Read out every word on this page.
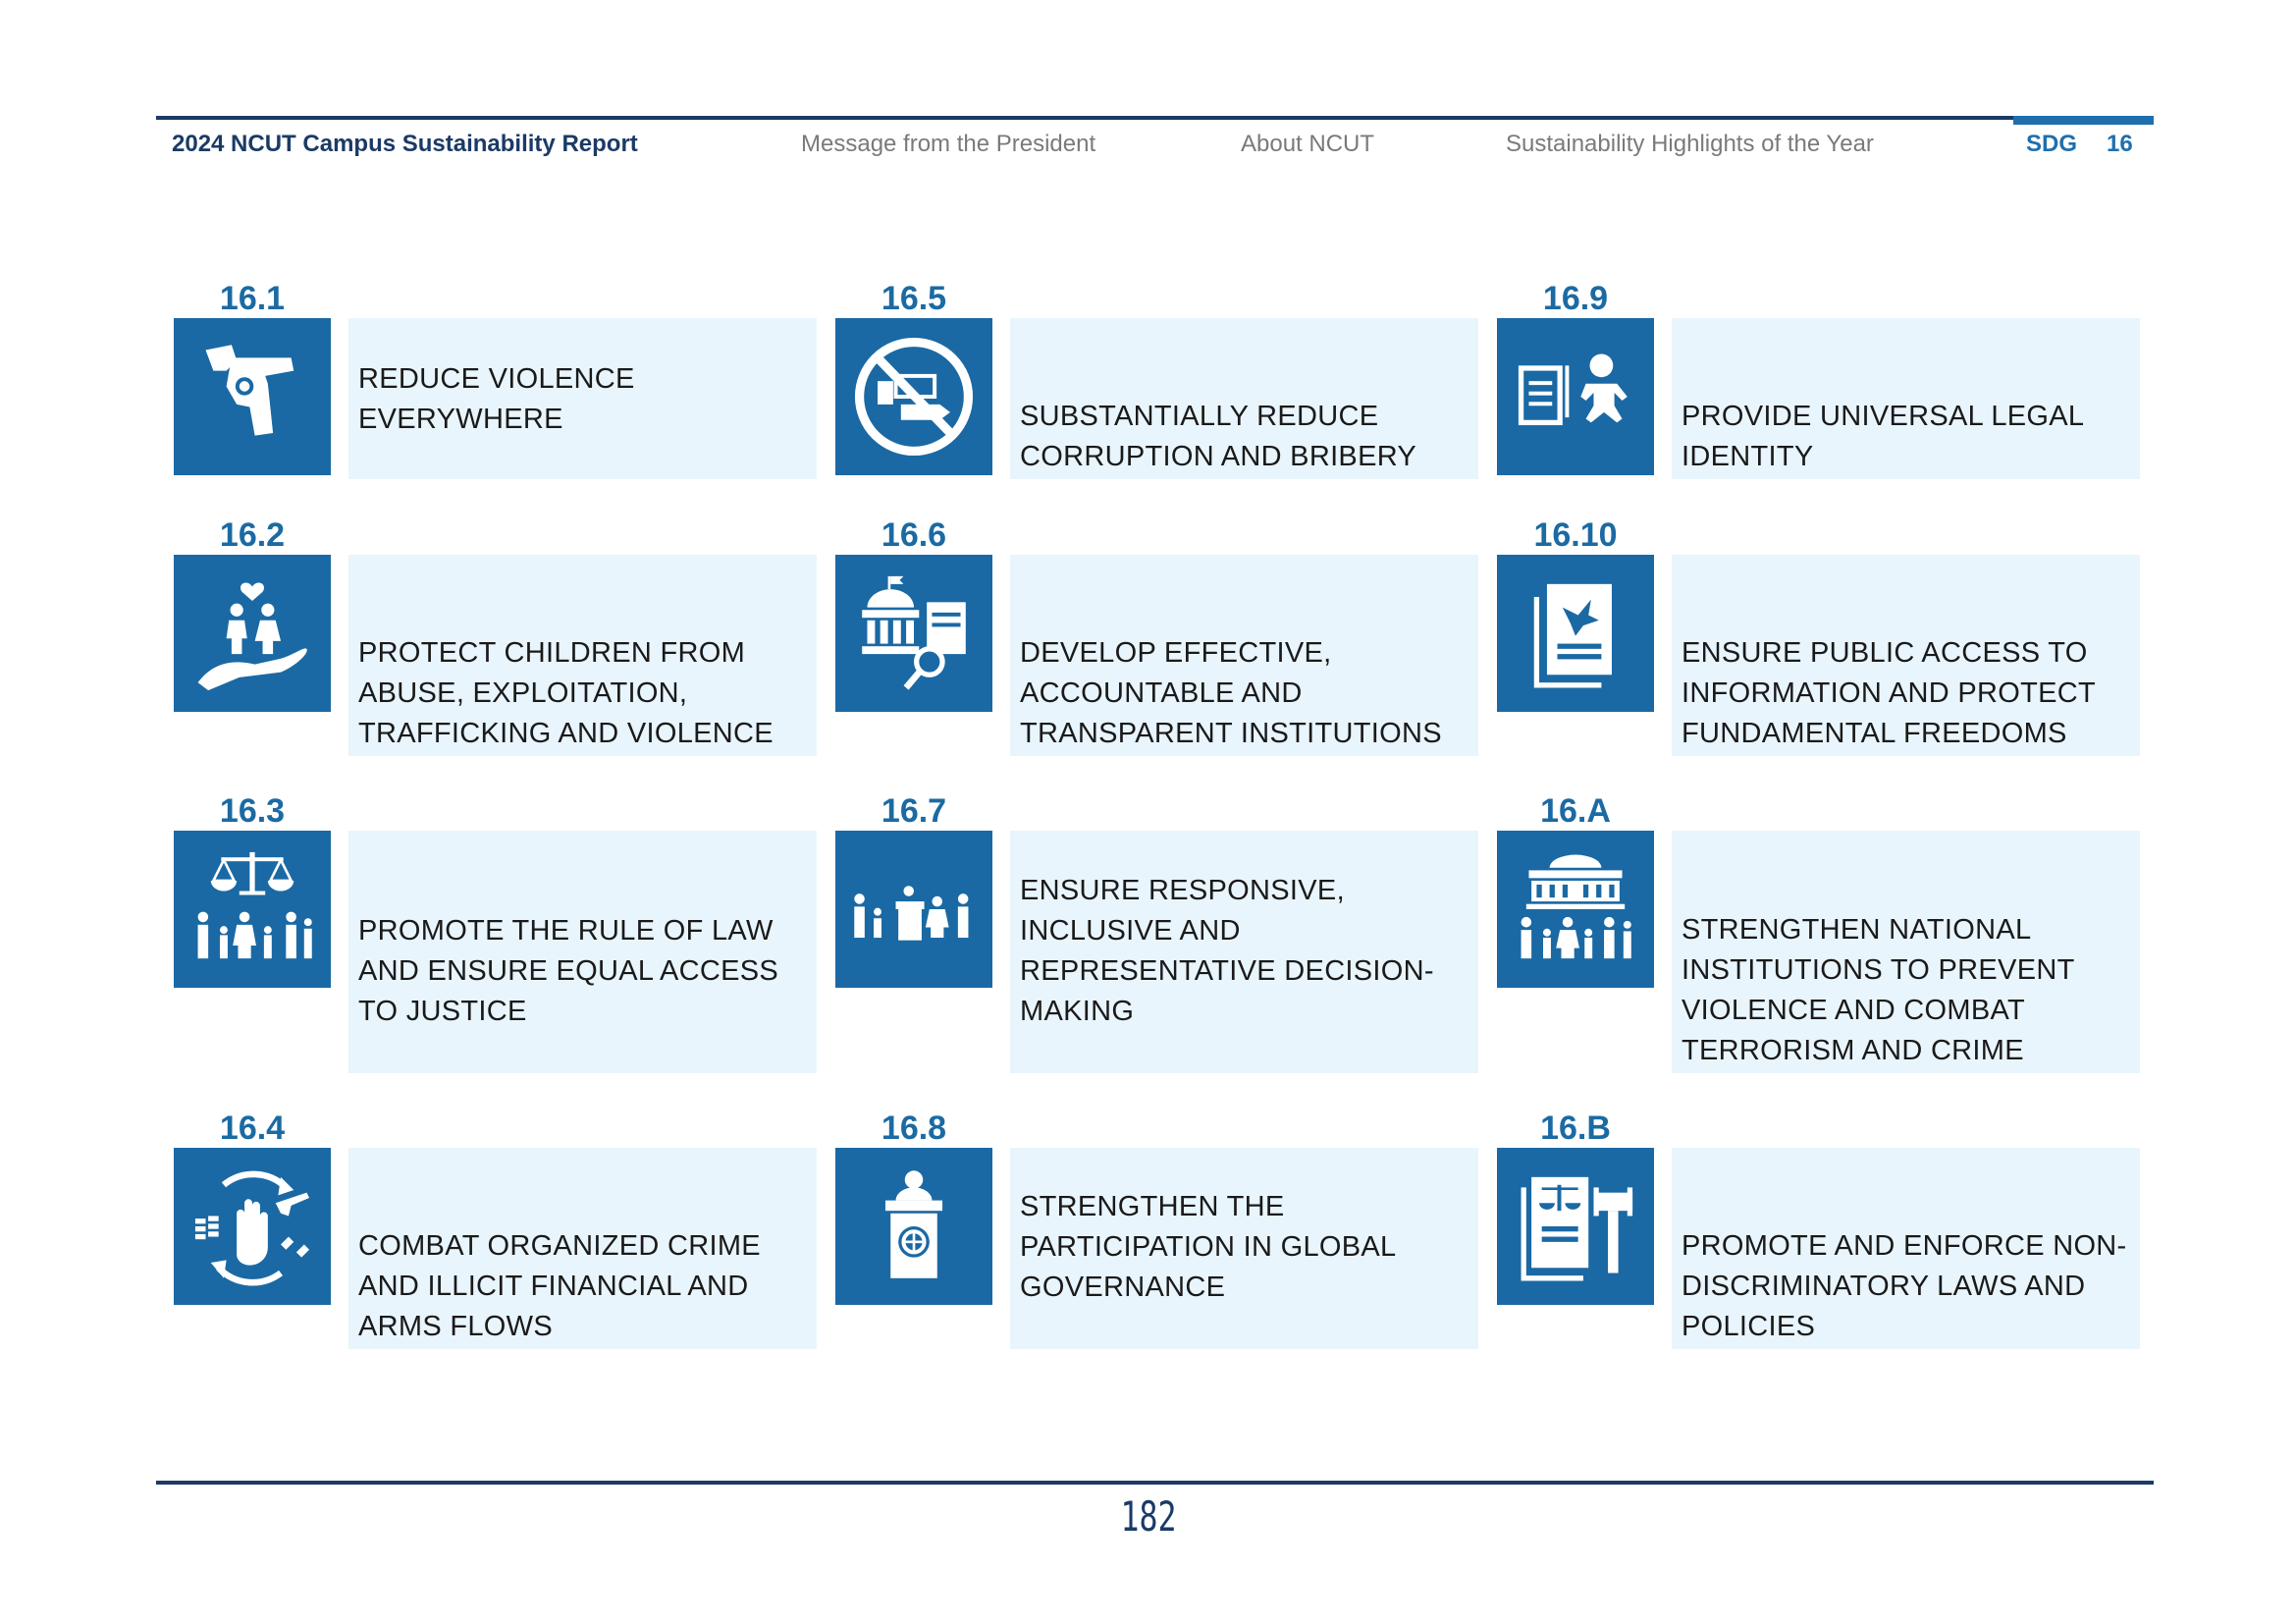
2024 NCUT Campus Sustainability Report	Message from the President	About NCUT	Sustainability Highlights of the Year	SDG 16
16.1
REDUCE VIOLENCE EVERYWHERE
16.2
PROTECT CHILDREN FROM ABUSE, EXPLOITATION, TRAFFICKING AND VIOLENCE
16.3
PROMOTE THE RULE OF LAW AND ENSURE EQUAL ACCESS TO JUSTICE
16.4
COMBAT ORGANIZED CRIME AND ILLICIT FINANCIAL AND ARMS FLOWS
16.5
SUBSTANTIALLY REDUCE CORRUPTION AND BRIBERY
16.6
DEVELOP EFFECTIVE, ACCOUNTABLE AND TRANSPARENT INSTITUTIONS
16.7
ENSURE RESPONSIVE, INCLUSIVE AND REPRESENTATIVE DECISION-MAKING
16.8
STRENGTHEN THE PARTICIPATION IN GLOBAL GOVERNANCE
16.9
PROVIDE UNIVERSAL LEGAL IDENTITY
16.10
ENSURE PUBLIC ACCESS TO INFORMATION AND PROTECT FUNDAMENTAL FREEDOMS
16.A
STRENGTHEN NATIONAL INSTITUTIONS TO PREVENT VIOLENCE AND COMBAT TERRORISM AND CRIME
16.B
PROMOTE AND ENFORCE NON-DISCRIMINATORY LAWS AND POLICIES
182
